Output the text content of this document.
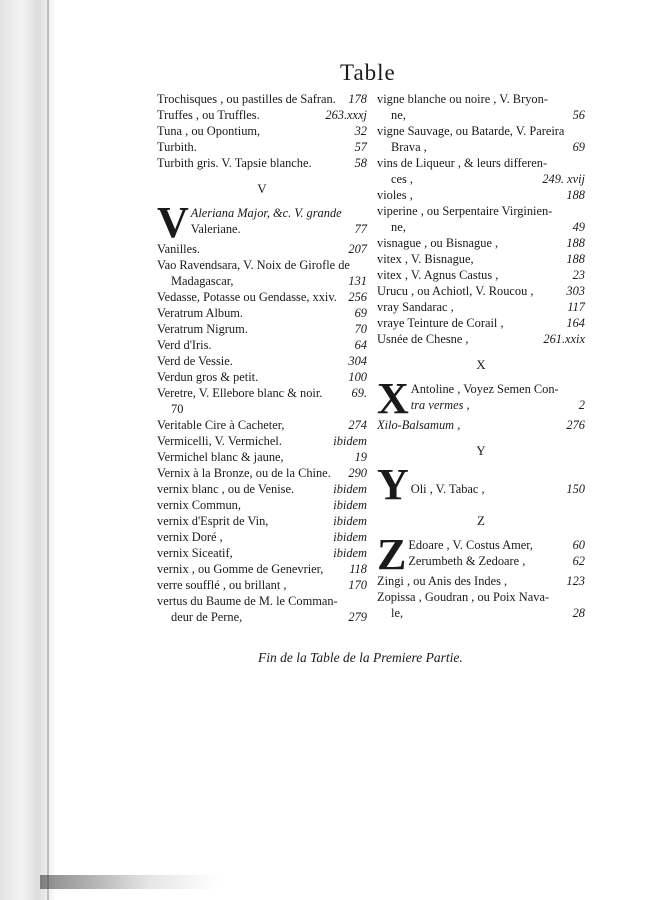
Table
Trochisques , ou pastilles de Safran.	178
Truffes , ou Truffles.	263.xxxj
Tuna , ou Opontium,	32
Turbith.	57
Turbith gris. V. Tapsie blanche.	58
V
V Aleriana Major, &c. V. grande
Valeriane.	77
Vanilles.	207
Vao Ravendsara, V. Noix de Girofle de
Madagascar,	131
Vedasse, Potasse ou Gendasse, xxiv. 256
Veratrum Album.	69
Veratrum Nigrum.	70
Verd d'Iris.	64
Verd de Vessie.	304
Verdun gros & petit.	100
Veretre, V. Ellebore blanc & noir.	69.
70
Veritable Cire à Cacheter,	274
Vermicelli, V. Vermichel.	ibidem
Vermichel blanc & jaune,	19
Vernix à la Bronze, ou de la Chine.	290
vernix blanc , ou de Venise.	ibidem
vernix Commun,	ibidem
vernix d'Esprit de Vin,	ibidem
vernix Doré ,	ibidem
vernix Siceatif,	ibidem
vernix , ou Gomme de Genevrier,	118
verre soufflé , ou brillant ,	170
vertus du Baume de M. le Comman-
deur de Perne,	279
vigne blanche ou noire , V. Bryon-
ne,	56
vigne Sauvage, ou Batarde, V. Pareira
Brava ,	69
vins de Liqueur , & leurs differen-
ces ,	249. xvij
violes ,	188
viperine , ou Serpentaire Virginien-
ne,	49
visnague , ou Bisnague ,	188
vitex , V. Bisnague,	188
vitex , V. Agnus Castus ,	23
Urucu , ou Achiotl, V. Roucou ,	303
vray Sandarac ,	117
vraye Teinture de Corail ,	164
Usnée de Chesne ,	261.xxix
X
X Antoline , Voyez Semen Con-
tra vermes ,	2
Xilo-Balsamum ,	276
Y
Y Oli , V. Tabac ,	150
Z
Z Edoare , V. Costus Amer,	60
Zerumbeth & Zedoare ,	62
Zingi , ou Anis des Indes ,	123
Zopissa , Goudran , ou Poix Nava-
le,	28
Fin de la Table de la Premiere Partie.
